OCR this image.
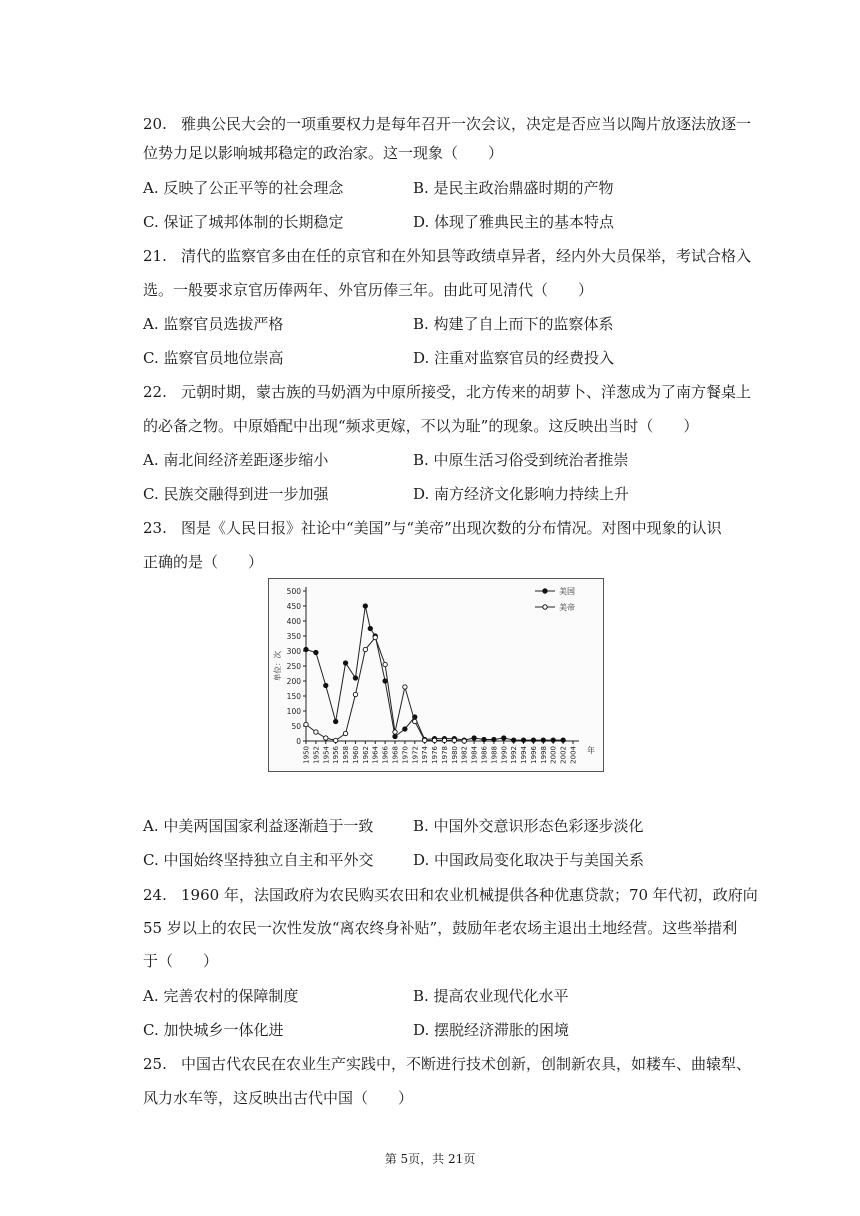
20. 雅典公民大会的一项重要权力是每年召开一次会议，决定是否应当以陶片放逐法放逐一
位势力足以影响城邦稳定的政治家。这一现象（　　）
A. 反映了公正平等的社会理念	B. 是民主政治鼎盛时期的产物
C. 保证了城邦体制的长期稳定	D. 体现了雅典民主的基本特点
21. 清代的监察官多由在任的京官和在外知县等政绩卓异者，经内外大员保举，考试合格入
选。一般要求京官历俸两年、外官历俸三年。由此可见清代（　　）
A. 监察官员选拔严格	B. 构建了自上而下的监察体系
C. 监察官员地位崇高	D. 注重对监察官员的经费投入
22. 元朝时期，蒙古族的马奶酒为中原所接受，北方传来的胡萝卜、洋葱成为了南方餐桌上
的必备之物。中原婚配中出现“频求更嫁，不以为耻”的现象。这反映出当时（　　）
A. 南北间经济差距逐步缩小	B. 中原生活习俗受到统治者推崇
C. 民族交融得到进一步加强	D. 南方经济文化影响力持续上升
23. 图是《人民日报》社论中“美国”与“美帝”出现次数的分布情况。对图中现象的认识
正确的是（　　）
A. 中美两国国家利益逐渐趋于一致	B. 中国外交意识形态色彩逐步淡化
C. 中国始终坚持独立自主和平外交	D. 中国政局变化取决于与美国关系
24. 1960 年，法国政府为农民购买农田和农业机械提供各种优惠贷款；70 年代初，政府向
55 岁以上的农民一次性发放“离农终身补贴”，鼓励年老农场主退出土地经营。这些举措利
于（　　）
A. 完善农村的保障制度	B. 提高农业现代化水平
C. 加快城乡一体化进	D. 摆脱经济滞胀的困境
25. 中国古代农民在农业生产实践中，不断进行技术创新，创制新农具，如耧车、曲辕犁、
风力水车等，这反映出古代中国（　　）
0
50
100
150
200
250
300
350
400
450
500
1950 1952 1954 1956 1958 1960 1962 1964 1966 1968 1970 1972 1974 1976 1978 1980 1982 1984 1986 1988 1990 1992 1994 1996 1998 2000 2002 2004
单位：次
年
美国
美帝
第 5页，共 21页
